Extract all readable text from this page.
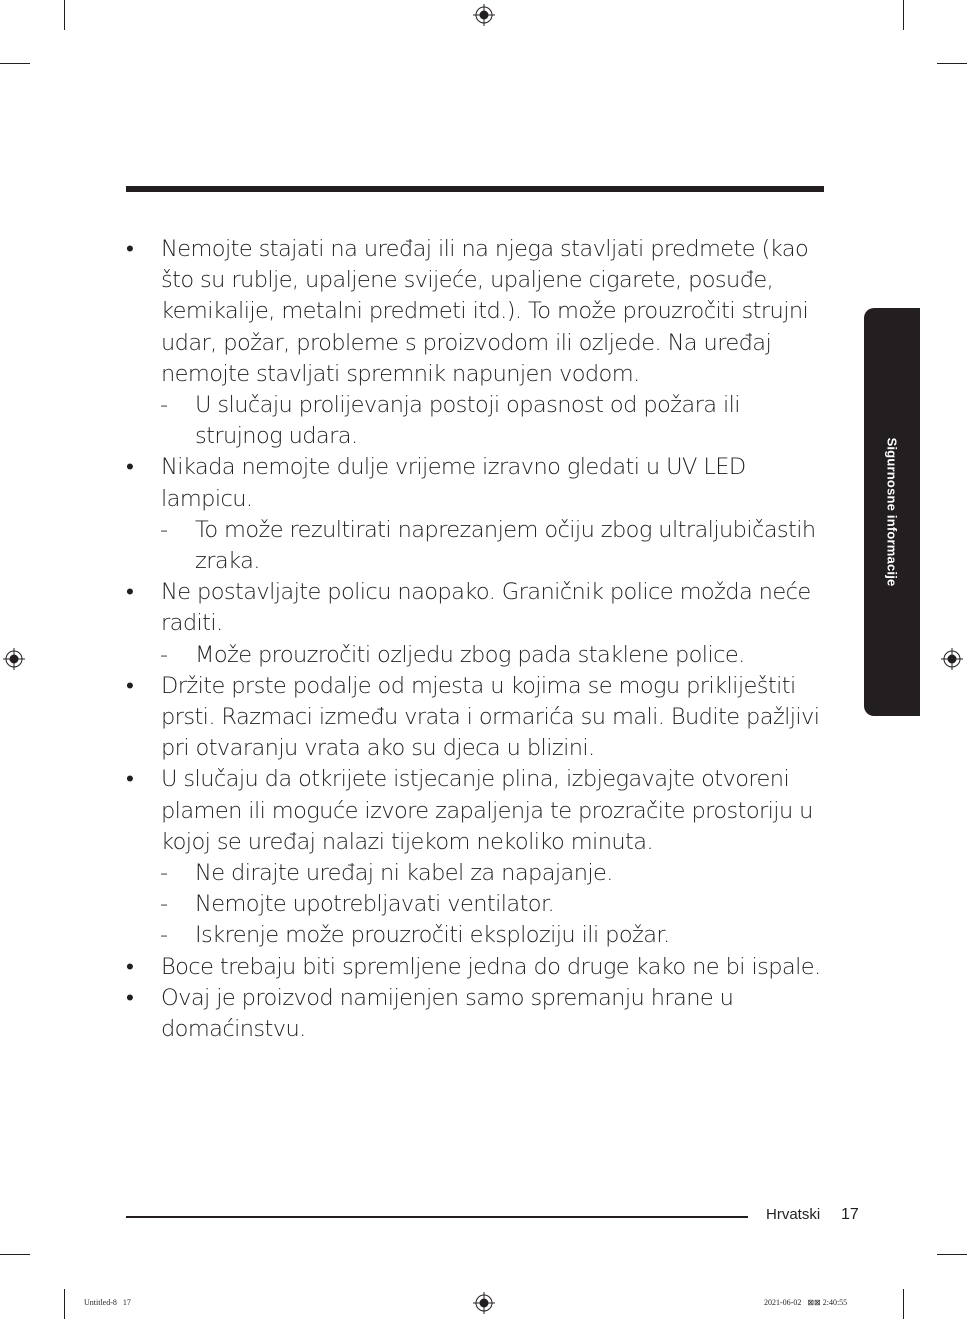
• Nemojte stajati na uređaj ili na njega stavljati predmete (kao što su rublje, upaljene svijeće, upaljene cigarete, posuđe, kemikalije, metalni predmeti itd.). To može prouzročiti strujni udar, požar, probleme s proizvodom ili ozljede. Na uređaj nemojte stavljati spremnik napunjen vodom.
- U slučaju prolijevanja postoji opasnost od požara ili strujnog udara.
• Nikada nemojte dulje vrijeme izravno gledati u UV LED lampicu.
- To može rezultirati naprezanjem očiju zbog ultraljubičastih zraka.
• Ne postavljajte policu naopako. Graničnik police možda neće raditi.
- Može prouzročiti ozljedu zbog pada staklene police.
• Držite prste podalje od mjesta u kojima se mogu prikliještiti prsti. Razmaci između vrata i ormarića su mali. Budite pažljivi pri otvaranju vrata ako su djeca u blizini.
• U slučaju da otkrijete istjecanje plina, izbjegavajte otvoreni plamen ili moguće izvore zapaljenja te prozračite prostoriju u kojoj se uređaj nalazi tijekom nekoliko minuta.
- Ne dirajte uređaj ni kabel za napajanje.
- Nemojte upotrebljavati ventilator.
- Iskrenje može prouzročiti eksploziju ili požar.
• Boce trebaju biti spremljene jedna do druge kako ne bi ispale.
• Ovaj je proizvod namijenjen samo spremanju hrane u domaćinstvu.
Sigurnosne informacije
Hrvatski 17
Untitled-8   17	2021-06-02   ⊠⊠ 2:40:55
